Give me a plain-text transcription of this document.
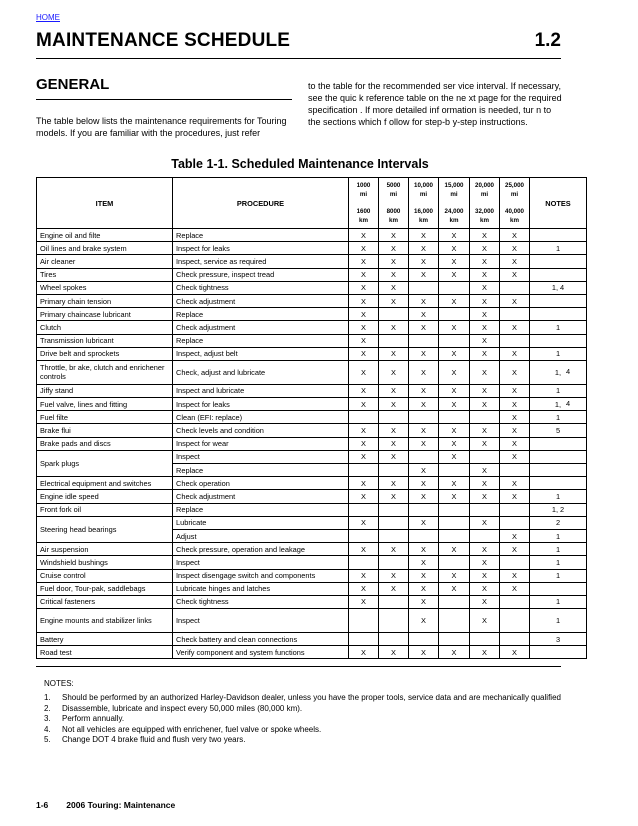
HOME
MAINTENANCE SCHEDULE	1.2
GENERAL
The table below lists the maintenance requirements for Touring models. If you are familiar with the procedures, just refer
to the table for the recommended ser vice interval. If necessary, see the quic k reference table on the ne xt page for the required specification . If more detailed inf ormation is needed, tur n to the sections which f ollow for step-b y-step instructions.
Table 1-1. Scheduled Maintenance Intervals
ITEM	PROCEDURE	1000
mi
1600
km	5000
mi
8000
km	10,000
mi
16,000
km	15,000
mi
24,000
km	20,000
mi
32,000
km	25,000
mi
40,000
km	NOTES
Engine oil and filte	Replace	X	X	X	X	X	X	
Oil lines and brake system	Inspect for leaks	X	X	X	X	X	X	1
Air cleaner	Inspect, service as required	X	X	X	X	X	X	
Tires	Check pressure, inspect tread	X	X	X	X	X	X	
Wheel spokes	Check tightness	X	X			X		1, 4
Primary chain tension	Check adjustment	X	X	X	X	X	X	
Primary chaincase lubricant	Replace	X		X		X		
Clutch	Check adjustment	X	X	X	X	X	X	1
Transmission lubricant	Replace	X				X		
Drive belt and sprockets	Inspect, adjust belt	X	X	X	X	X	X	1
Throttle, br ake, clutch and enrichener controls	Check, adjust and lubricate	X	X	X	X	X	X	1,
Jiffy stand	Inspect and lubricate	X	X	X	X	X	X	1
Fuel valve, lines and fitting	Inspect for leaks	X	X	X	X	X	X	1,
Fuel filte	Clean (EFI: replace)						X	1
Brake flui	Check levels and condition	X	X	X	X	X	X	5
Brake pads and discs	Inspect for wear	X	X	X	X	X	X	
Spark plugs	Inspect	X	X		X		X	
	Replace			X		X		
Electrical equipment and switches	Check operation	X	X	X	X	X	X	
Engine idle speed	Check adjustment	X	X	X	X	X	X	1
Front fork oil	Replace							1, 2
Steering head bearings	Lubricate	X		X		X		2
	Adjust						X	1
Air suspension	Check pressure, operation and leakage	X	X	X	X	X	X	1
Windshield bushings	Inspect			X		X		1
Cruise control	Inspect disengage switch and components	X	X	X	X	X	X	1
Fuel door, Tour-pak, saddlebags	Lubricate hinges and latches	X	X	X	X	X	X	
Critical fasteners	Check tightness	X		X		X		1
Engine mounts and stabilizer links	Inspect			X		X		1
Battery	Check battery and clean connections							3
Road test	Verify component and system functions	X	X	X	X	X	X	
4
4
NOTES:
1. Should be performed by an authorized Harley-Davidson dealer, unless you have the proper tools, service data and are mechanically qualified
2. Disassemble, lubricate and inspect every 50,000 miles (80,000 km).
3. Perform annually.
4. Not all vehicles are equipped with enrichener, fuel valve or spoke wheels.
5. Change DOT 4 brake fluid and flush very two years.
1-6 2006 Touring: Maintenance
